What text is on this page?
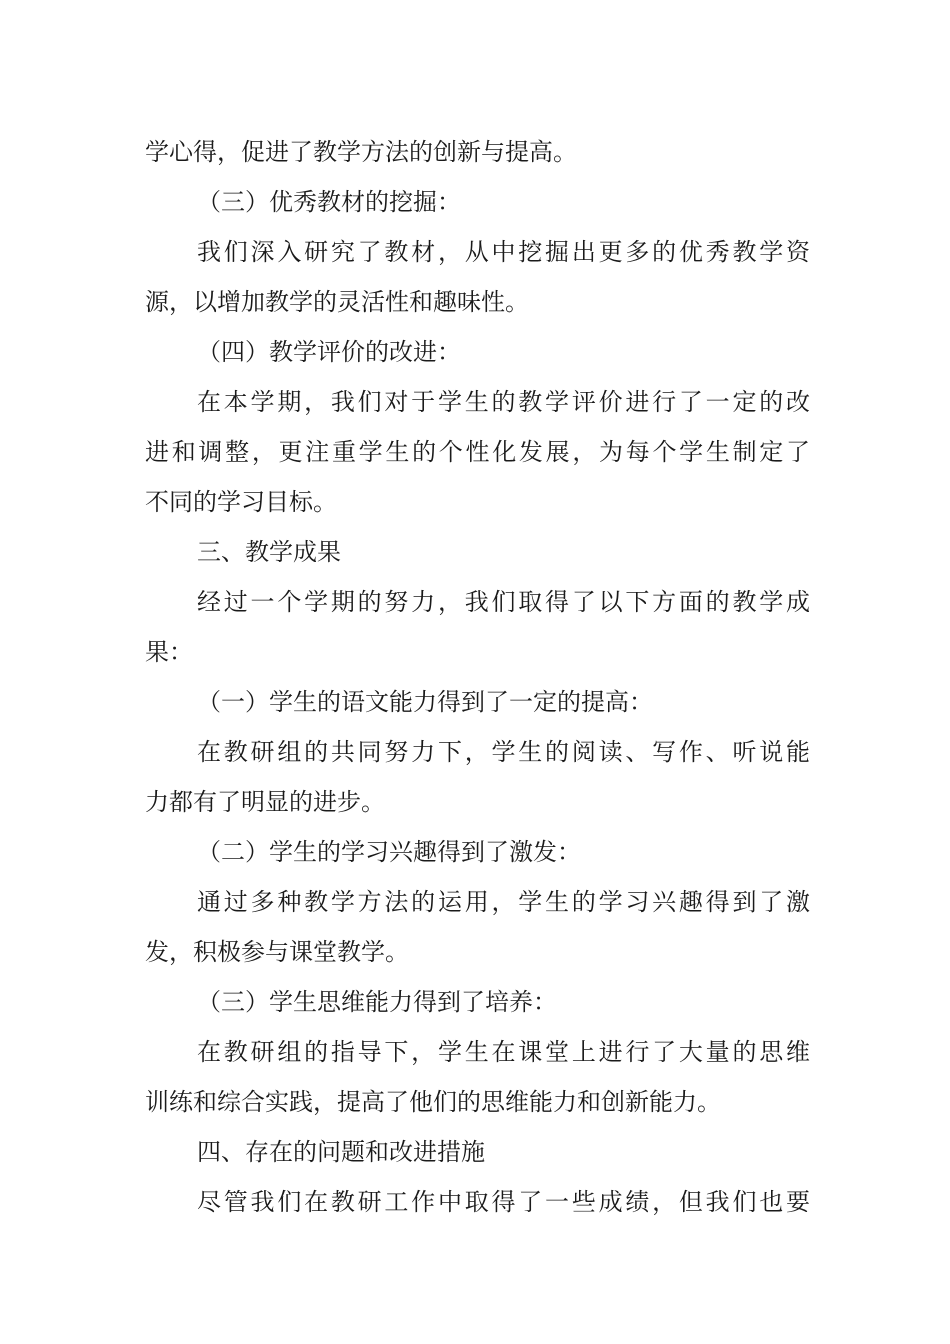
学心得，促进了教学方法的创新与提高。
（三）优秀教材的挖掘：
我们深入研究了教材，从中挖掘出更多的优秀教学资
源，以增加教学的灵活性和趣味性。
（四）教学评价的改进：
在本学期，我们对于学生的教学评价进行了一定的改
进和调整，更注重学生的个性化发展，为每个学生制定了
不同的学习目标。
三、教学成果
经过一个学期的努力，我们取得了以下方面的教学成
果：
（一）学生的语文能力得到了一定的提高：
在教研组的共同努力下，学生的阅读、写作、听说能
力都有了明显的进步。
（二）学生的学习兴趣得到了激发：
通过多种教学方法的运用，学生的学习兴趣得到了激
发，积极参与课堂教学。
（三）学生思维能力得到了培养：
在教研组的指导下，学生在课堂上进行了大量的思维
训练和综合实践，提高了他们的思维能力和创新能力。
四、存在的问题和改进措施
尽管我们在教研工作中取得了一些成绩，但我们也要
